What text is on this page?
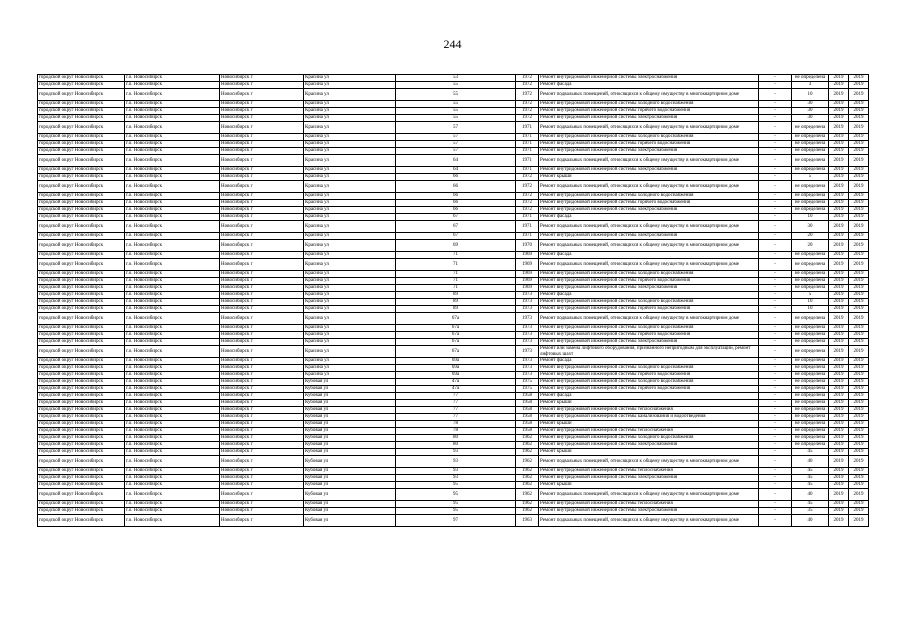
244
городской округ Новосибирск	г.о. Новосибирск	Новосибирск г	Красина ул	53	1972	Ремонт внутридомовой инженерной системы электроснабжения	-	не определена	2019	2019
городской округ Новосибирск	г.о. Новосибирск	Новосибирск г	Красина ул	55	1972	Ремонт фасада	-	3	2019	2019
городской округ Новосибирск	г.о. Новосибирск	Новосибирск г	Красина ул	55	1972	Ремонт подвальных помещений, относящихся к общему имуществу в многоквартирном доме	-	10	2019	2019
городской округ Новосибирск	г.о. Новосибирск	Новосибирск г	Красина ул	55	1972	Ремонт внутридомовой инженерной системы холодного водоснабжения	-	30	2019	2019
городской округ Новосибирск	г.о. Новосибирск	Новосибирск г	Красина ул	55	1972	Ремонт внутридомовой инженерной системы горячего водоснабжения	-	30	2019	2019
городской округ Новосибирск	г.о. Новосибирск	Новосибирск г	Красина ул	55	1972	Ремонт внутридомовой инженерной системы электроснабжения	-	30	2019	2019
городской округ Новосибирск	г.о. Новосибирск	Новосибирск г	Красина ул	57	1971	Ремонт подвальных помещений, относящихся к общему имуществу в многоквартирном доме	-	не определена	2019	2019
городской округ Новосибирск	г.о. Новосибирск	Новосибирск г	Красина ул	57	1971	Ремонт внутридомовой инженерной системы холодного водоснабжения	-	не определена	2019	2019
городской округ Новосибирск	г.о. Новосибирск	Новосибирск г	Красина ул	57	1971	Ремонт внутридомовой инженерной системы горячего водоснабжения	-	не определена	2019	2019
городской округ Новосибирск	г.о. Новосибирск	Новосибирск г	Красина ул	57	1971	Ремонт внутридомовой инженерной системы электроснабжения	-	не определена	2019	2019
городской округ Новосибирск	г.о. Новосибирск	Новосибирск г	Красина ул	64	1971	Ремонт подвальных помещений, относящихся к общему имуществу в многоквартирном доме	-	не определена	2019	2019
городской округ Новосибирск	г.о. Новосибирск	Новосибирск г	Красина ул	64	1971	Ремонт внутридомовой инженерной системы электроснабжения	-	не определена	2019	2019
городской округ Новосибирск	г.о. Новосибирск	Новосибирск г	Красина ул	66	1972	Ремонт крыши	-	5	2019	2019
городской округ Новосибирск	г.о. Новосибирск	Новосибирск г	Красина ул	66	1972	Ремонт подвальных помещений, относящихся к общему имуществу в многоквартирном доме	-	не определена	2019	2019
городской округ Новосибирск	г.о. Новосибирск	Новосибирск г	Красина ул	66	1972	Ремонт внутридомовой инженерной системы холодного водоснабжения	-	не определена	2019	2019
городской округ Новосибирск	г.о. Новосибирск	Новосибирск г	Красина ул	66	1972	Ремонт внутридомовой инженерной системы горячего водоснабжения	-	не определена	2019	2019
городской округ Новосибирск	г.о. Новосибирск	Новосибирск г	Красина ул	66	1972	Ремонт внутридомовой инженерной системы электроснабжения	-	не определена	2019	2019
городской округ Новосибирск	г.о. Новосибирск	Новосибирск г	Красина ул	67	1971	Ремонт фасада	-	10	2019	2019
городской округ Новосибирск	г.о. Новосибирск	Новосибирск г	Красина ул	67	1971	Ремонт подвальных помещений, относящихся к общему имуществу в многоквартирном доме	-	30	2019	2019
городской округ Новосибирск	г.о. Новосибирск	Новосибирск г	Красина ул	67	1971	Ремонт внутридомовой инженерной системы электроснабжения	-	20	2019	2019
городской округ Новосибирск	г.о. Новосибирск	Новосибирск г	Красина ул	69	1970	Ремонт подвальных помещений, относящихся к общему имуществу в многоквартирном доме	-	20	2019	2019
городской округ Новосибирск	г.о. Новосибирск	Новосибирск г	Красина ул	71	1969	Ремонт фасада	-	не определена	2019	2019
городской округ Новосибирск	г.о. Новосибирск	Новосибирск г	Красина ул	71	1969	Ремонт подвальных помещений, относящихся к общему имуществу в многоквартирном доме	-	не определена	2019	2019
городской округ Новосибирск	г.о. Новосибирск	Новосибирск г	Красина ул	71	1969	Ремонт внутридомовой инженерной системы холодного водоснабжения	-	не определена	2019	2019
городской округ Новосибирск	г.о. Новосибирск	Новосибирск г	Красина ул	71	1969	Ремонт внутридомовой инженерной системы горячего водоснабжения	-	не определена	2019	2019
городской округ Новосибирск	г.о. Новосибирск	Новосибирск г	Красина ул	71	1969	Ремонт внутридомовой инженерной системы электроснабжения	-	не определена	2019	2019
городской округ Новосибирск	г.о. Новосибирск	Новосибирск г	Красина ул	89	1973	Ремонт фасада	-	5	2019	2019
городской округ Новосибирск	г.о. Новосибирск	Новосибирск г	Красина ул	89	1973	Ремонт внутридомовой инженерной системы холодного водоснабжения	-	10	2019	2019
городской округ Новосибирск	г.о. Новосибирск	Новосибирск г	Красина ул	89	1973	Ремонт внутридомовой инженерной системы горячего водоснабжения	-	10	2019	2019
городской округ Новосибирск	г.о. Новосибирск	Новосибирск г	Красина ул	67а	1973	Ремонт подвальных помещений, относящихся к общему имуществу в многоквартирном доме	-	не определена	2019	2019
городской округ Новосибирск	г.о. Новосибирск	Новосибирск г	Красина ул	67а	1973	Ремонт внутридомовой инженерной системы холодного водоснабжения	-	не определена	2019	2019
городской округ Новосибирск	г.о. Новосибирск	Новосибирск г	Красина ул	67а	1973	Ремонт внутридомовой инженерной системы горячего водоснабжения	-	не определена	2019	2019
городской округ Новосибирск	г.о. Новосибирск	Новосибирск г	Красина ул	67а	1973	Ремонт внутридомовой инженерной системы электроснабжения	-	не определена	2019	2019
городской округ Новосибирск	г.о. Новосибирск	Новосибирск г	Красина ул	67а	1973	Ремонт или замена лифтового оборудования, признанного непригодным для эксплуатации, ремонт лифтовых шахт	-	не определена	2019	2019
городской округ Новосибирск	г.о. Новосибирск	Новосибирск г	Красина ул	69а	1973	Ремонт фасада	-	не определена	2019	2019
городской округ Новосибирск	г.о. Новосибирск	Новосибирск г	Красина ул	69а	1973	Ремонт внутридомовой инженерной системы холодного водоснабжения	-	не определена	2019	2019
городской округ Новосибирск	г.о. Новосибирск	Новосибирск г	Красина ул	69а	1973	Ремонт внутридомовой инженерной системы горячего водоснабжения	-	не определена	2019	2019
городской округ Новосибирск	г.о. Новосибирск	Новосибирск г	Кубовая ул	47а	1975	Ремонт внутридомовой инженерной системы холодного водоснабжения	-	не определена	2019	2019
городской округ Новосибирск	г.о. Новосибирск	Новосибирск г	Кубовая ул	47а	1975	Ремонт внутридомовой инженерной системы горячего водоснабжения	-	не определена	2019	2019
городской округ Новосибирск	г.о. Новосибирск	Новосибирск г	Кубовая ул	77	1958	Ремонт фасада	-	не определена	2019	2019
городской округ Новосибирск	г.о. Новосибирск	Новосибирск г	Кубовая ул	77	1958	Ремонт крыши	-	не определена	2019	2019
городской округ Новосибирск	г.о. Новосибирск	Новосибирск г	Кубовая ул	77	1958	Ремонт внутридомовой инженерной системы теплоснабжения	-	не определена	2019	2019
городской округ Новосибирск	г.о. Новосибирск	Новосибирск г	Кубовая ул	77	1958	Ремонт внутридомовой инженерной системы канализования и водоотведения	-	не определена	2019	2019
городской округ Новосибирск	г.о. Новосибирск	Новосибирск г	Кубовая ул	78	1958	Ремонт крыши	-	не определена	2019	2019
городской округ Новосибирск	г.о. Новосибирск	Новосибирск г	Кубовая ул	78	1958	Ремонт внутридомовой инженерной системы теплоснабжения	-	не определена	2019	2019
городской округ Новосибирск	г.о. Новосибирск	Новосибирск г	Кубовая ул	80	1962	Ремонт внутридомовой инженерной системы холодного водоснабжения	-	не определена	2019	2019
городской округ Новосибирск	г.о. Новосибирск	Новосибирск г	Кубовая ул	80	1962	Ремонт внутридомовой инженерной системы электроснабжения	-	не определена	2019	2019
городской округ Новосибирск	г.о. Новосибирск	Новосибирск г	Кубовая ул	93	1962	Ремонт крыши	-	45	2019	2019
городской округ Новосибирск	г.о. Новосибирск	Новосибирск г	Кубовая ул	93	1962	Ремонт подвальных помещений, относящихся к общему имуществу в многоквартирном доме	-	40	2019	2019
городской округ Новосибирск	г.о. Новосибирск	Новосибирск г	Кубовая ул	93	1962	Ремонт внутридомовой инженерной системы теплоснабжения	-	45	2019	2019
городской округ Новосибирск	г.о. Новосибирск	Новосибирск г	Кубовая ул	93	1962	Ремонт внутридомовой инженерной системы электроснабжения	-	45	2019	2019
городской округ Новосибирск	г.о. Новосибирск	Новосибирск г	Кубовая ул	95	1962	Ремонт крыши	-	45	2019	2019
городской округ Новосибирск	г.о. Новосибирск	Новосибирск г	Кубовая ул	95	1962	Ремонт подвальных помещений, относящихся к общему имуществу в многоквартирном доме	-	40	2019	2019
городской округ Новосибирск	г.о. Новосибирск	Новосибирск г	Кубовая ул	95	1962	Ремонт внутридомовой инженерной системы теплоснабжения	-	45	2019	2019
городской округ Новосибирск	г.о. Новосибирск	Новосибирск г	Кубовая ул	95	1962	Ремонт внутридомовой инженерной системы электроснабжения	-	35	2019	2019
городской округ Новосибирск	г.о. Новосибирск	Новосибирск г	Кубовая ул	97	1963	Ремонт подвальных помещений, относящихся к общему имуществу в многоквартирном доме	-	40	2019	2019
